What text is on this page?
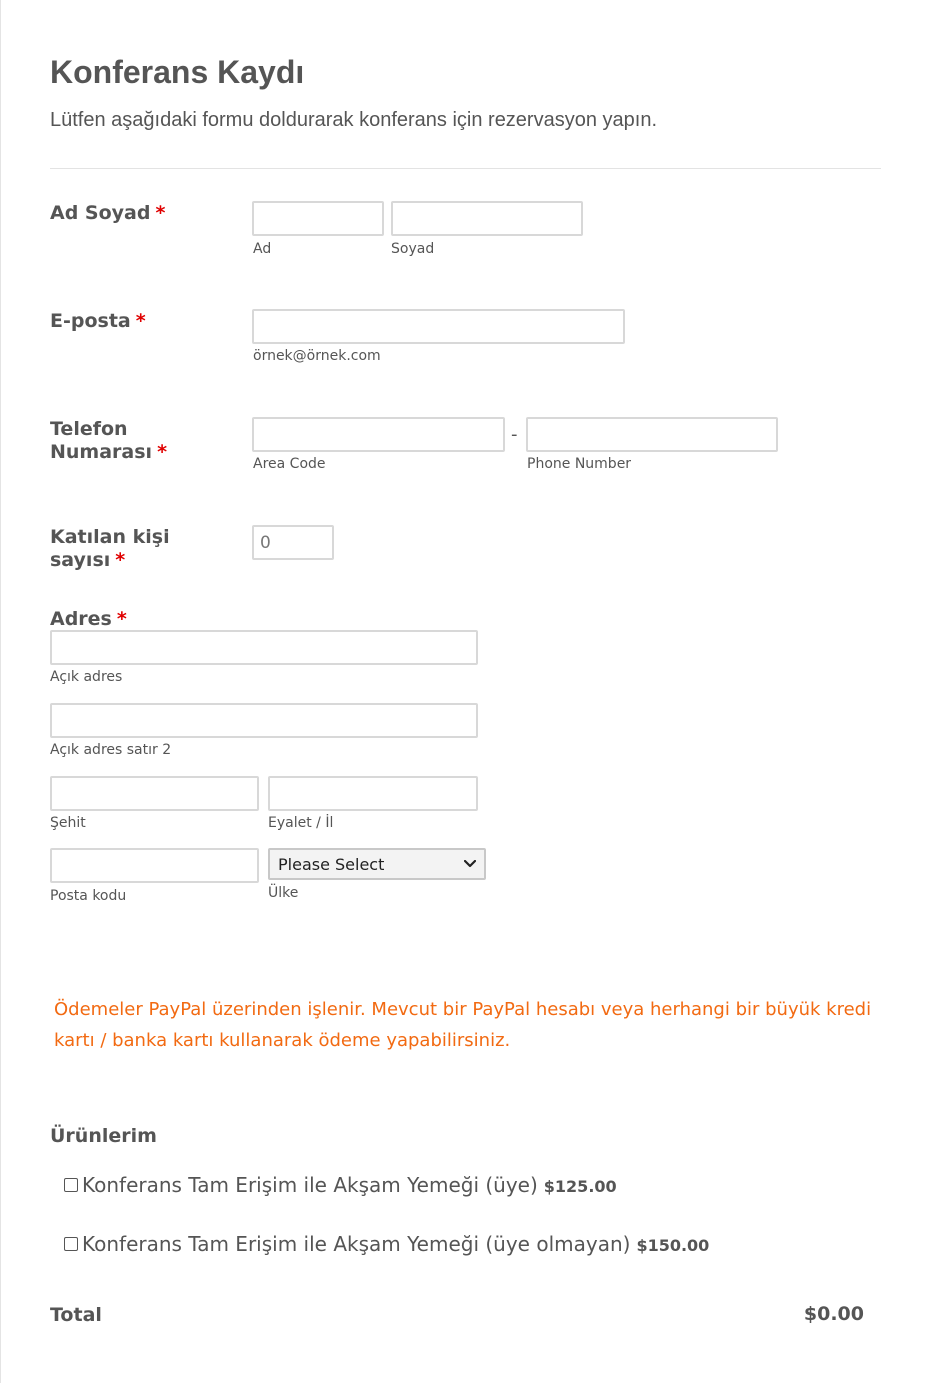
Konferans Kaydı
Lütfen aşağıdaki formu doldurarak konferans için rezervasyon yapın.
Ad Soyad *
Ad	Soyad
E-posta *
örnek@örnek.com
Telefon
Numarası *
Area Code
-
Phone Number
Katılan kişi
sayısı *
0
Adres *
Açık adres
Açık adres satır 2
Şehit	Eyalet / İl
Posta kodu
Please Select
Ülke
Ödemeler PayPal üzerinden işlenir. Mevcut bir PayPal hesabı veya herhangi bir büyük kredi kartı / banka kartı kullanarak ödeme yapabilirsiniz.
Ürünlerim
Konferans Tam Erişim ile Akşam Yemeği (üye) $125.00
Konferans Tam Erişim ile Akşam Yemeği (üye olmayan) $150.00
Total	$0.00
